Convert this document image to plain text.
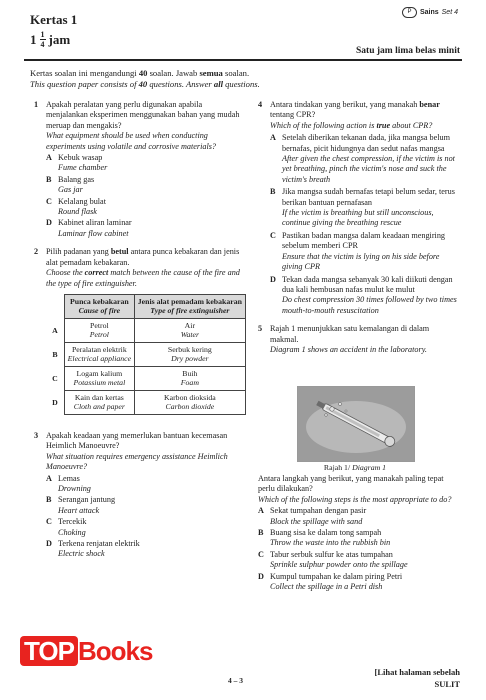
Kertas 1
$1 \frac{1}{4}$ jam
P	Sains Set 4
Satu jam lima belas minit
Kertas soalan ini mengandungi 40 soalan. Jawab semua soalan.
This question paper consists of 40 questions. Answer all questions.
1 Apakah peralatan yang perlu digunakan apabila menjalankan eksperimen menggunakan bahan yang mudah meruap dan mengakis?

What equipment should be used when conducting experiments using volatile and corrosive materials?

A Kebuk wasap
Fume chamber
B Balang gas
Gas jar
C Kelalang bulat
Round flask
D Kabinet aliran laminar
Laminar flow cabinet
2 Pilih padanan yang betul antara punca kebakaran dan jenis alat pemadam kebakaran.

Choose the correct match between the cause of the fire and the type of fire extinguisher.

	Punca kebakaran
Cause of fire	Jenis alat pemadam kebakaran
Type of fire extinguisher
A	Petrol
Petrol	Air
Water
B	Peralatan elektrik
Electrical appliance	Serbuk kering
Dry powder
C	Logam kalium
Potassium metal	Buih
Foam
D	Kain dan kertas
Cloth and paper	Karbon dioksida
Carbon dioxide
3 Apakah keadaan yang memerlukan bantuan kecemasan Heimlich Manoeuvre?

What situation requires emergency assistance Heimlich Manoeuvre?

A Lemas
Drowning
B Serangan jantung
Heart attack
C Tercekik
Choking
D Terkena renjatan elektrik
Electric shock
4 Antara tindakan yang berikut, yang manakah benar tentang CPR?

Which of the following action is true about CPR?

A Setelah diberikan tekanan dada, jika mangsa belum bernafas, picit hidungnya dan sedut nafas mangsa
After given the chest compression, if the victim is not yet breathing, pinch the victim's nose and suck the victim's breath
B Jika mangsa sudah bernafas tetapi belum sedar, terus berikan bantuan pernafasan
If the victim is breathing but still unconscious, continue giving the breathing rescue
C Pastikan badan mangsa dalam keadaan mengiring sebelum memberi CPR
Ensure that the victim is lying on his side before giving CPR
D Tekan dada mangsa sebanyak 30 kali diikuti dengan dua kali hembusan nafas mulut ke mulut
Do chest compression 30 times followed by two times mouth-to-mouth resuscitation
5 Rajah 1 menunjukkan satu kemalangan di dalam makmal.

Diagram 1 shows an accident in the laboratory.

Rajah 1/ Diagram 1

Antara langkah yang berikut, yang manakah paling tepat perlu dilakukan?

Which of the following steps is the most appropriate to do?

A Sekat tumpahan dengan pasir
Block the spillage with sand
B Buang sisa ke dalam tong sampah
Throw the waste into the rubbish bin
C Tabur serbuk sulfur ke atas tumpahan
Sprinkle sulphur powder onto the spillage
D Kumpul tumpahan ke dalam piring Petri
Collect the spillage in a Petri dish
TOP Books
4 – 3
[Lihat halaman sebelah
SULIT
